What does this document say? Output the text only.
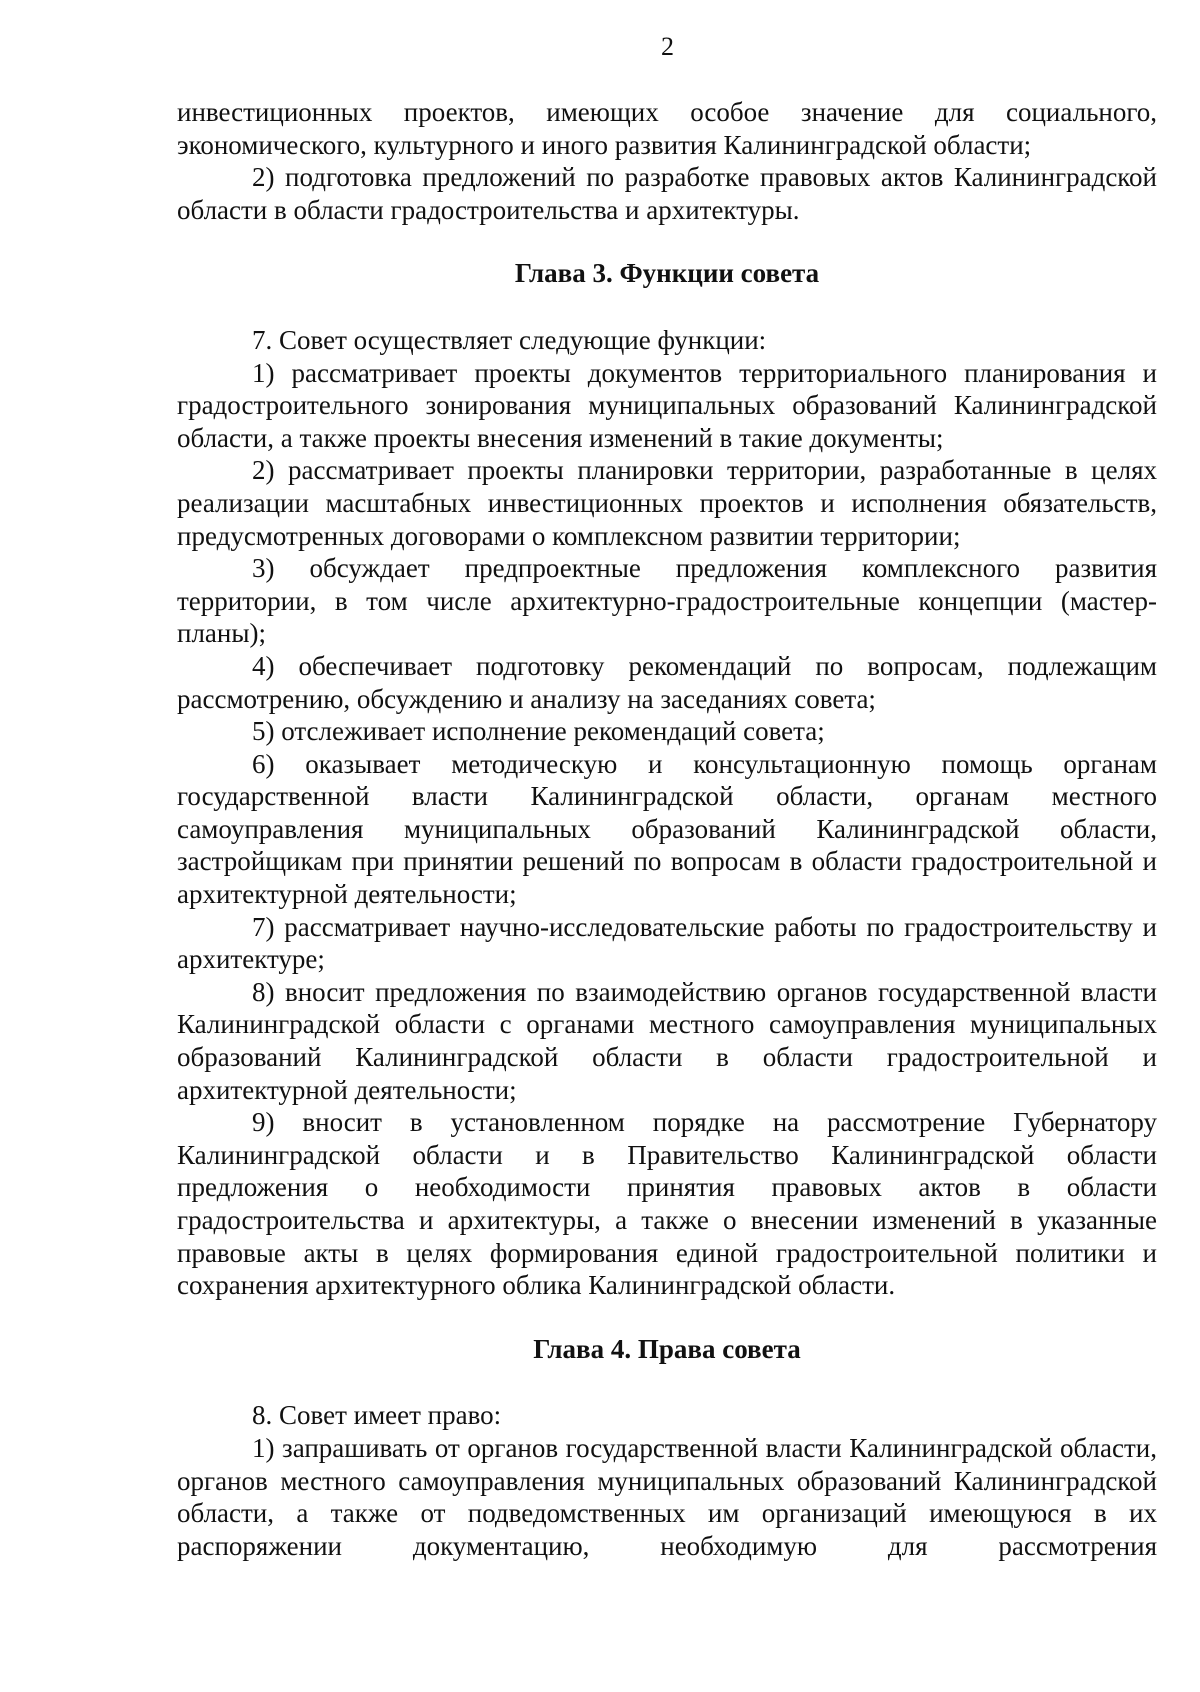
2

инвестиционных проектов, имеющих особое значение для социального, экономического, культурного и иного развития Калининградской области;

2) подготовка предложений по разработке правовых актов Калининградской области в области градостроительства и архитектуры.

Глава 3. Функции совета

7. Совет осуществляет следующие функции:

1) рассматривает проекты документов территориального планирования и градостроительного зонирования муниципальных образований Калининградской области, а также проекты внесения изменений в такие документы;

2) рассматривает проекты планировки территории, разработанные в целях реализации масштабных инвестиционных проектов и исполнения обязательств, предусмотренных договорами о комплексном развитии территории;

3) обсуждает предпроектные предложения комплексного развития территории, в том числе архитектурно-градостроительные концепции (мастер-планы);

4) обеспечивает подготовку рекомендаций по вопросам, подлежащим рассмотрению, обсуждению и анализу на заседаниях совета;

5) отслеживает исполнение рекомендаций совета;

6) оказывает методическую и консультационную помощь органам государственной власти Калининградской области, органам местного самоуправления муниципальных образований Калининградской области, застройщикам при принятии решений по вопросам в области градостроительной и архитектурной деятельности;

7) рассматривает научно-исследовательские работы по градостроительству и архитектуре;

8) вносит предложения по взаимодействию органов государственной власти Калининградской области с органами местного самоуправления муниципальных образований Калининградской области в области градостроительной и архитектурной деятельности;

9) вносит в установленном порядке на рассмотрение Губернатору Калининградской области и в Правительство Калининградской области предложения о необходимости принятия правовых актов в области градостроительства и архитектуры, а также о внесении изменений в указанные правовые акты в целях формирования единой градостроительной политики и сохранения архитектурного облика Калининградской области.

Глава 4. Права совета

8. Совет имеет право:

1) запрашивать от органов государственной власти Калининградской области, органов местного самоуправления муниципальных образований Калининградской области, а также от подведомственных им организаций имеющуюся в их распоряжении документацию, необходимую для рассмотрения
